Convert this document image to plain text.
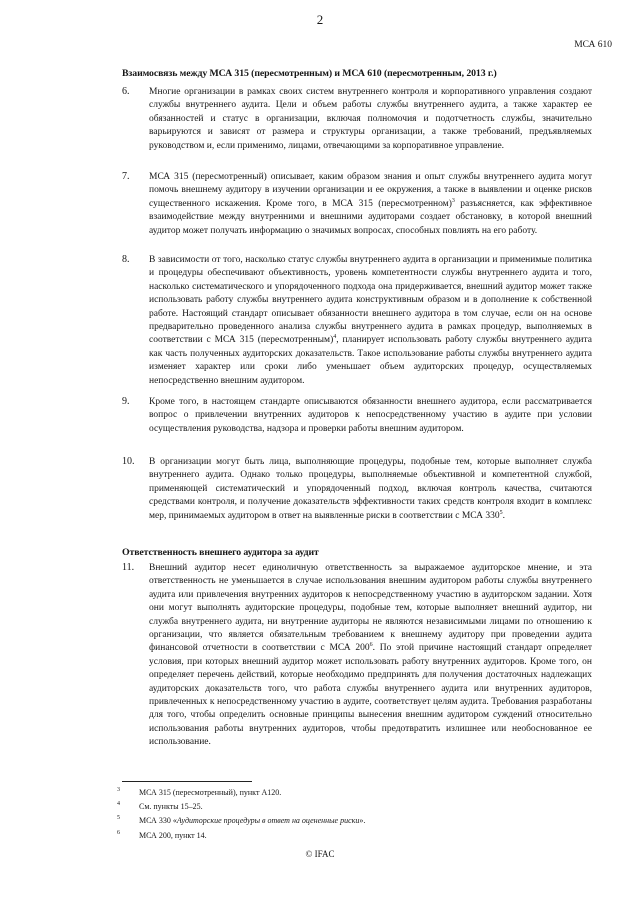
2
МСА 610
Взаимосвязь между МСА 315 (пересмотренным) и МСА 610 (пересмотренным, 2013 г.)
6. Многие организации в рамках своих систем внутреннего контроля и корпоративного управления создают службы внутреннего аудита. Цели и объем работы службы внутреннего аудита, а также характер ее обязанностей и статус в организации, включая полномочия и подотчетность службы, значительно варьируются и зависят от размера и структуры организации, а также требований, предъявляемых руководством и, если применимо, лицами, отвечающими за корпоративное управление.
7. МСА 315 (пересмотренный) описывает, каким образом знания и опыт службы внутреннего аудита могут помочь внешнему аудитору в изучении организации и ее окружения, а также в выявлении и оценке рисков существенного искажения. Кроме того, в МСА 315 (пересмотренном)$^3$ разъясняется, как эффективное взаимодействие между внутренними и внешними аудиторами создает обстановку, в которой внешний аудитор может получать информацию о значимых вопросах, способных повлиять на его работу.
8. В зависимости от того, насколько статус службы внутреннего аудита в организации и применимые политика и процедуры обеспечивают объективность, уровень компетентности службы внутреннего аудита и того, насколько систематического и упорядоченного подхода она придерживается, внешний аудитор может также использовать работу службы внутреннего аудита конструктивным образом и в дополнение к собственной работе. Настоящий стандарт описывает обязанности внешнего аудитора в том случае, если он на основе предварительно проведенного анализа службы внутреннего аудита в рамках процедур, выполняемых в соответствии с МСА 315 (пересмотренным)$^4$, планирует использовать работу службы внутреннего аудита как часть полученных аудиторских доказательств. Такое использование работы службы внутреннего аудита изменяет характер или сроки либо уменьшает объем аудиторских процедур, осуществляемых непосредственно внешним аудитором.
9. Кроме того, в настоящем стандарте описываются обязанности внешнего аудитора, если рассматривается вопрос о привлечении внутренних аудиторов к непосредственному участию в аудите при условии осуществления руководства, надзора и проверки работы внешним аудитором.
10. В организации могут быть лица, выполняющие процедуры, подобные тем, которые выполняет служба внутреннего аудита. Однако только процедуры, выполняемые объективной и компетентной службой, применяющей систематический и упорядоченный подход, включая контроль качества, считаются средствами контроля, и получение доказательств эффективности таких средств контроля входит в комплекс мер, принимаемых аудитором в ответ на выявленные риски в соответствии с МСА $330^5$.
Ответственность внешнего аудитора за аудит
11. Внешний аудитор несет единоличную ответственность за выражаемое аудиторское мнение, и эта ответственность не уменьшается в случае использования внешним аудитором работы службы внутреннего аудита или привлечения внутренних аудиторов к непосредственному участию в аудиторском задании. Хотя они могут выполнять аудиторские процедуры, подобные тем, которые выполняет внешний аудитор, ни служба внутреннего аудита, ни внутренние аудиторы не являются независимыми лицами по отношению к организации, что является обязательным требованием к внешнему аудитору при проведении аудита финансовой отчетности в соответствии с МСА $200^6$. По этой причине настоящий стандарт определяет условия, при которых внешний аудитор может использовать работу внутренних аудиторов. Кроме того, он определяет перечень действий, которые необходимо предпринять для получения достаточных надлежащих аудиторских доказательств того, что работа службы внутреннего аудита или внутренних аудиторов, привлеченных к непосредственному участию в аудите, соответствует целям аудита. Требования разработаны для того, чтобы определить основные принципы вынесения внешним аудитором суждений относительно использования работы внутренних аудиторов, чтобы предотвратить излишнее или необоснованное ее использование.
3 МСА 315 (пересмотренный), пункт А120.
4 См. пункты 15–25.
5 МСА 330 «Аудиторские процедуры в ответ на оцененные риски».
6 МСА 200, пункт 14.
© IFAC
